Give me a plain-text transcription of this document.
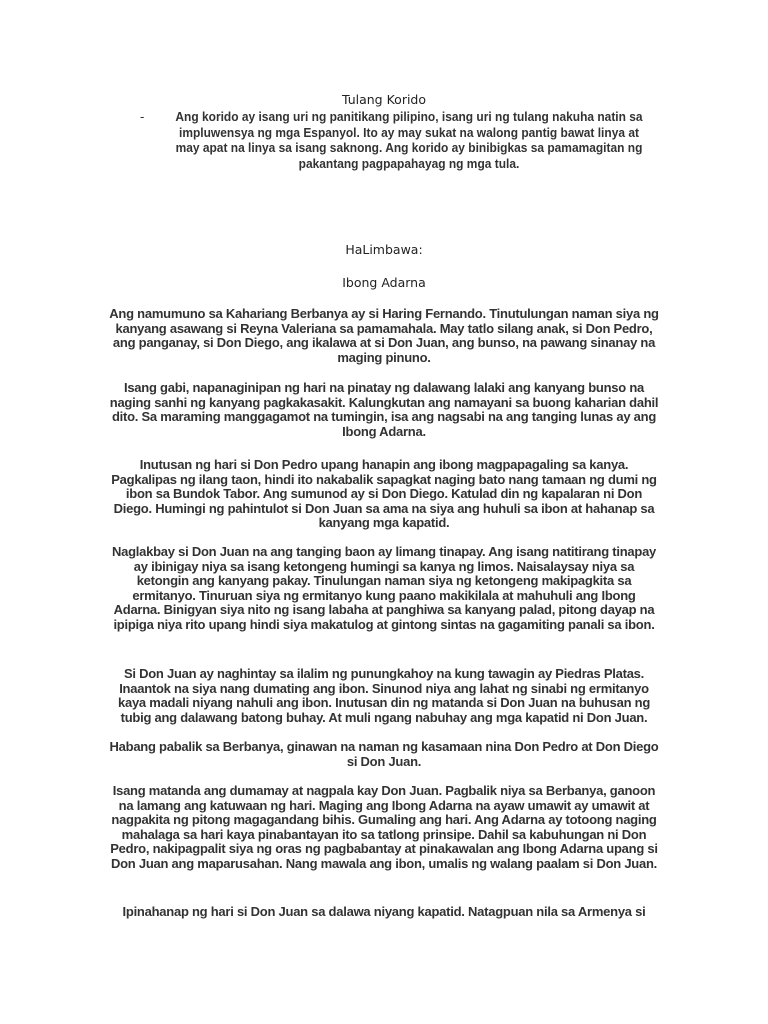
Tulang Korido
- Ang korido ay isang uri ng panitikang pilipino, isang uri ng tulang nakuha natin sa impluwensya ng mga Espanyol. Ito ay may sukat na walong pantig bawat linya at may apat na linya sa isang saknong. Ang korido ay binibigkas sa pamamagitan ng pakantang pagpapahayag ng mga tula.
HaLimbawa:
Ibong Adarna
Ang namumuno sa Kahariang Berbanya ay si Haring Fernando. Tinutulungan naman siya ng kanyang asawang si Reyna Valeriana sa pamamahala. May tatlo silang anak, si Don Pedro, ang panganay, si Don Diego, ang ikalawa at si Don Juan, ang bunso, na pawang sinanay na maging pinuno.
Isang gabi, napanaginipan ng hari na pinatay ng dalawang lalaki ang kanyang bunso na naging sanhi ng kanyang pagkakasakit. Kalungkutan ang namayani sa buong kaharian dahil dito. Sa maraming manggagamot na tumingin, isa ang nagsabi na ang tanging lunas ay ang Ibong Adarna.
Inutusan ng hari si Don Pedro upang hanapin ang ibong magpapagaling sa kanya. Pagkalipas ng ilang taon, hindi ito nakabalik sapagkat naging bato nang tamaan ng dumi ng ibon sa Bundok Tabor. Ang sumunod ay si Don Diego. Katulad din ng kapalaran ni Don Diego. Humingi ng pahintulot si Don Juan sa ama na siya ang huhuli sa ibon at hahanap sa kanyang mga kapatid.
Naglakbay si Don Juan na ang tanging baon ay limang tinapay. Ang isang natitirang tinapay ay ibinigay niya sa isang ketongeng humingi sa kanya ng limos. Naisalaysay niya sa ketongin ang kanyang pakay. Tinulungan naman siya ng ketongeng makipagkita sa ermitanyo. Tinuruan siya ng ermitanyo kung paano makikilala at mahuhuli ang Ibong Adarna. Binigyan siya nito ng isang labaha at panghiwa sa kanyang palad, pitong dayap na ipipiga niya rito upang hindi siya makatulog at gintong sintas na gagamiting panali sa ibon.
Si Don Juan ay naghintay sa ilalim ng punungkahoy na kung tawagin ay Piedras Platas. Inaantok na siya nang dumating ang ibon. Sinunod niya ang lahat ng sinabi ng ermitanyo kaya madali niyang nahuli ang ibon. Inutusan din ng matanda si Don Juan na buhusan ng tubig ang dalawang batong buhay. At muli ngang nabuhay ang mga kapatid ni Don Juan.
Habang pabalik sa Berbanya, ginawan na naman ng kasamaan nina Don Pedro at Don Diego si Don Juan.
Isang matanda ang dumamay at nagpala kay Don Juan. Pagbalik niya sa Berbanya, ganoon na lamang ang katuwaan ng hari. Maging ang Ibong Adarna na ayaw umawit ay umawit at nagpakita ng pitong magagandang bihis. Gumaling ang hari. Ang Adarna ay totoong naging mahalaga sa hari kaya pinabantayan ito sa tatlong prinsipe. Dahil sa kabuhungan ni Don Pedro, nakipagpalit siya ng oras ng pagbabantay at pinakawalan ang Ibong Adarna upang si Don Juan ang maparusahan. Nang mawala ang ibon, umalis ng walang paalam si Don Juan.
Ipinahanap ng hari si Don Juan sa dalawa niyang kapatid. Natagpuan nila sa Armenya si
